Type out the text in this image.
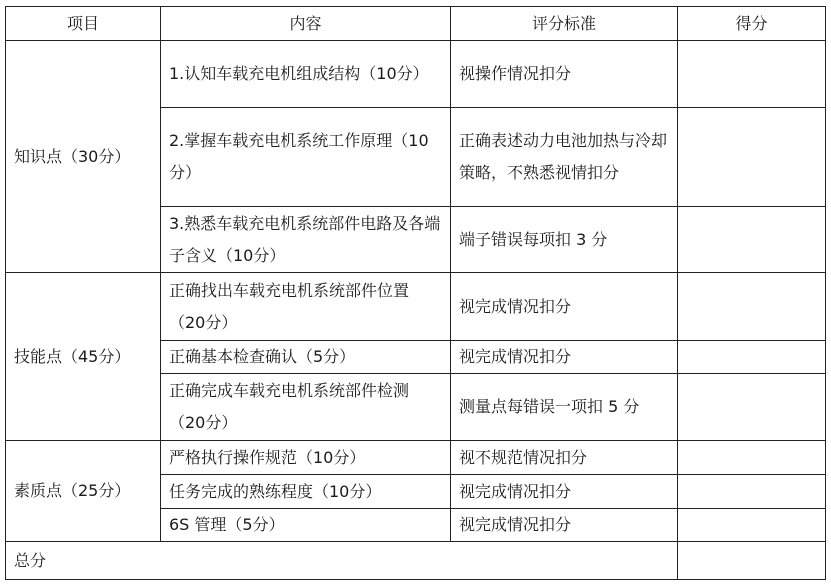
项目	内容	评分标准	得分
知识点（30分）	1.认知车载充电机组成结构（10分）	视操作情况扣分	
	2.掌握车载充电机系统工作原理（10分）	正确表述动力电池加热与冷却策略，不熟悉视情扣分	
	3.熟悉车载充电机系统部件电路及各端子含义（10分）	端子错误每项扣 3 分	
技能点（45分）	正确找出车载充电机系统部件位置（20分）	视完成情况扣分	
	正确基本检查确认（5分）	视完成情况扣分	
	正确完成车载充电机系统部件检测（20分）	测量点每错误一项扣 5 分	
素质点（25分）	严格执行操作规范（10分）	视不规范情况扣分	
	任务完成的熟练程度（10分）	视完成情况扣分	
	6S 管理（5分）	视完成情况扣分	
总分			
